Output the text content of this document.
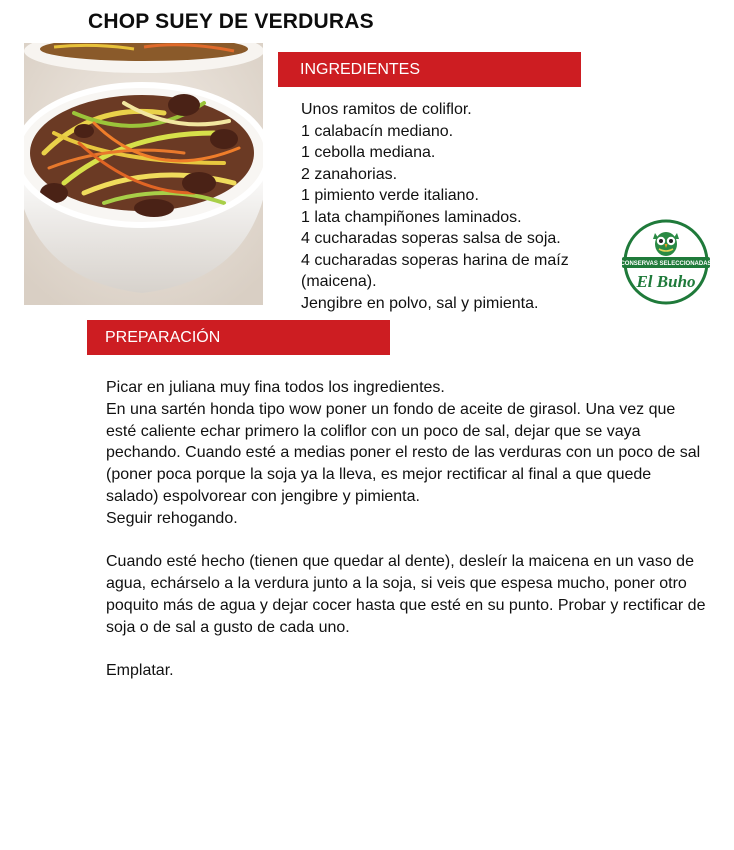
CHOP SUEY DE VERDURAS
INGREDIENTES
Unos ramitos de coliflor.
1 calabacín mediano.
1 cebolla mediana.
2 zanahorias.
1 pimiento verde italiano.
1 lata champiñones laminados.
4 cucharadas soperas salsa de soja.
4 cucharadas soperas harina de maíz (maicena).
Jengibre en polvo, sal y pimienta.
CONSERVAS SELECCIONADAS
El Buho
PREPARACIÓN

Picar en juliana muy fina todos los ingredientes.

En una sartén honda tipo wow poner un fondo de aceite de girasol. Una vez que esté caliente echar primero la coliflor con un poco de sal, dejar que se vaya pechando. Cuando esté a medias poner el resto de las verduras con un poco de sal (poner poca porque la soja ya la lleva, es mejor rectificar al final a que quede salado) espolvorear con jengibre y pimienta.

Seguir rehogando.

Cuando esté hecho (tienen que quedar al dente), desleír la maicena en un vaso de agua, echárselo a la verdura junto a la soja, si veis que espesa mucho, poner otro poquito más de agua y dejar cocer hasta que esté en su punto. Probar y rectificar de soja o de sal a gusto de cada uno.

Emplatar.
